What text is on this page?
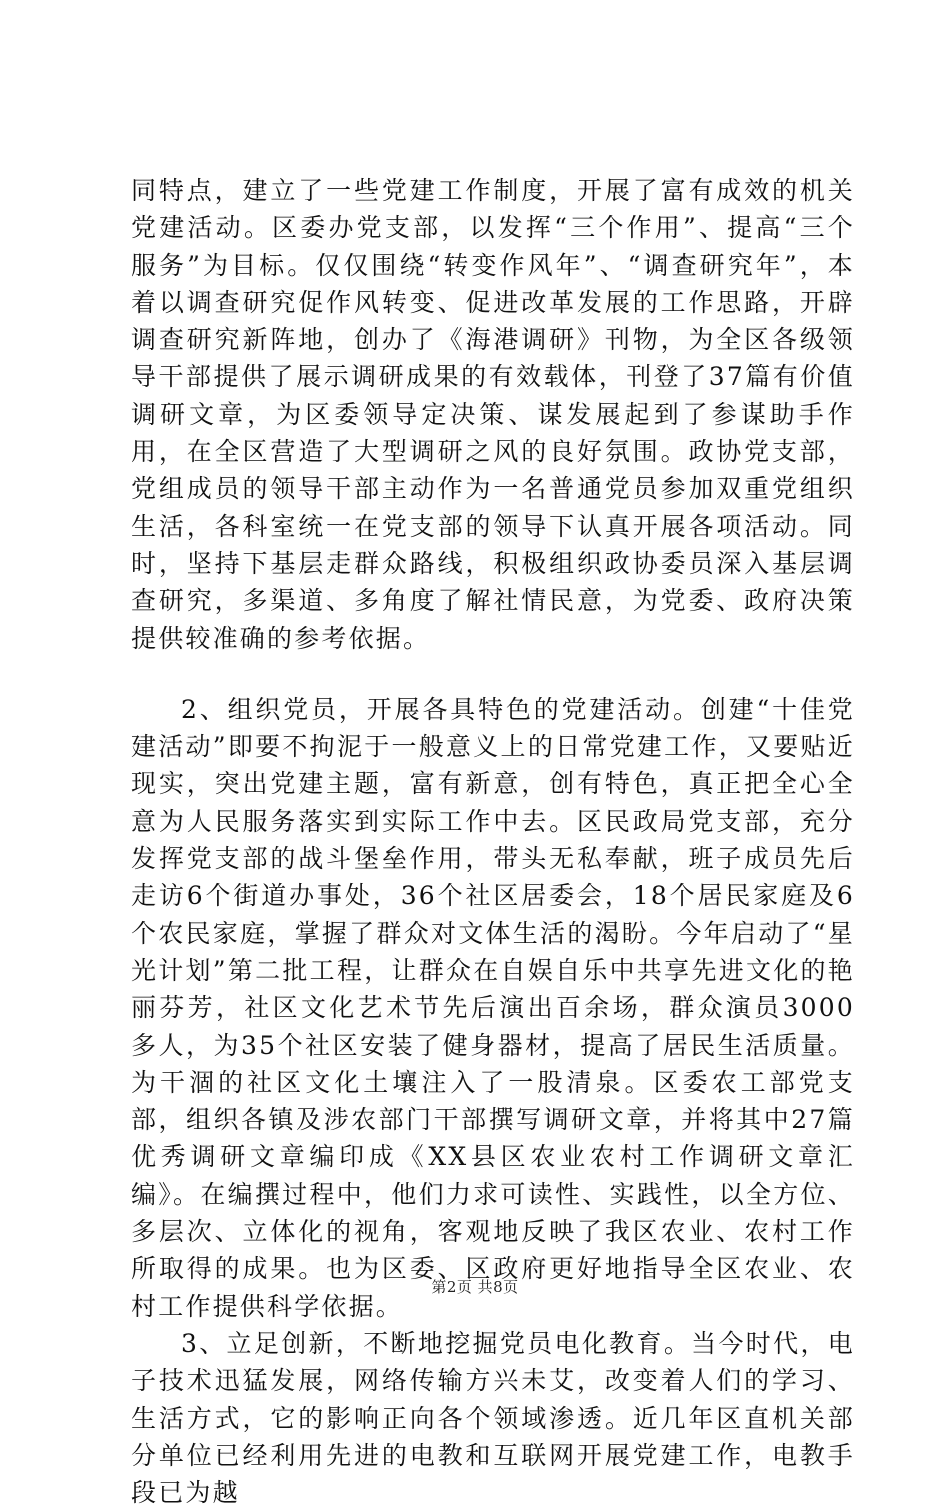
同特点，建立了一些党建工作制度，开展了富有成效的机关党建活动。区委办党支部，以发挥“三个作用”、提高“三个服务”为目标。仅仅围绕“转变作风年”、“调查研究年”，本着以调查研究促作风转变、促进改革发展的工作思路，开辟调查研究新阵地，创办了《海港调研》刊物，为全区各级领导干部提供了展示调研成果的有效载体，刊登了37篇有价值调研文章，为区委领导定决策、谋发展起到了参谋助手作用，在全区营造了大型调研之风的良好氛围。政协党支部，党组成员的领导干部主动作为一名普通党员参加双重党组织生活，各科室统一在党支部的领导下认真开展各项活动。同时，坚持下基层走群众路线，积极组织政协委员深入基层调查研究，多渠道、多角度了解社情民意，为党委、政府决策提供较准确的参考依据。

2、组织党员，开展各具特色的党建活动。创建“十佳党建活动”即要不拘泥于一般意义上的日常党建工作，又要贴近现实，突出党建主题，富有新意，创有特色，真正把全心全意为人民服务落实到实际工作中去。区民政局党支部，充分发挥党支部的战斗堡垒作用，带头无私奉献，班子成员先后走访6个街道办事处，36个社区居委会，18个居民家庭及6个农民家庭，掌握了群众对文体生活的渴盼。今年启动了“星光计划”第二批工程，让群众在自娱自乐中共享先进文化的艳丽芬芳，社区文化艺术节先后演出百余场，群众演员3000多人，为35个社区安装了健身器材，提高了居民生活质量。为干涸的社区文化土壤注入了一股清泉。区委农工部党支部，组织各镇及涉农部门干部撰写调研文章，并将其中27篇优秀调研文章编印成《XX县区农业农村工作调研文章汇编》。在编撰过程中，他们力求可读性、实践性，以全方位、多层次、立体化的视角，客观地反映了我区农业、农村工作所取得的成果。也为区委、区政府更好地指导全区农业、农村工作提供科学依据。

3、立足创新，不断地挖掘党员电化教育。当今时代，电子技术迅猛发展，网络传输方兴未艾，改变着人们的学习、生活方式，它的影响正向各个领域渗透。近几年区直机关部分单位已经利用先进的电教和互联网开展党建工作，电教手段已为越

第2页 共8页
